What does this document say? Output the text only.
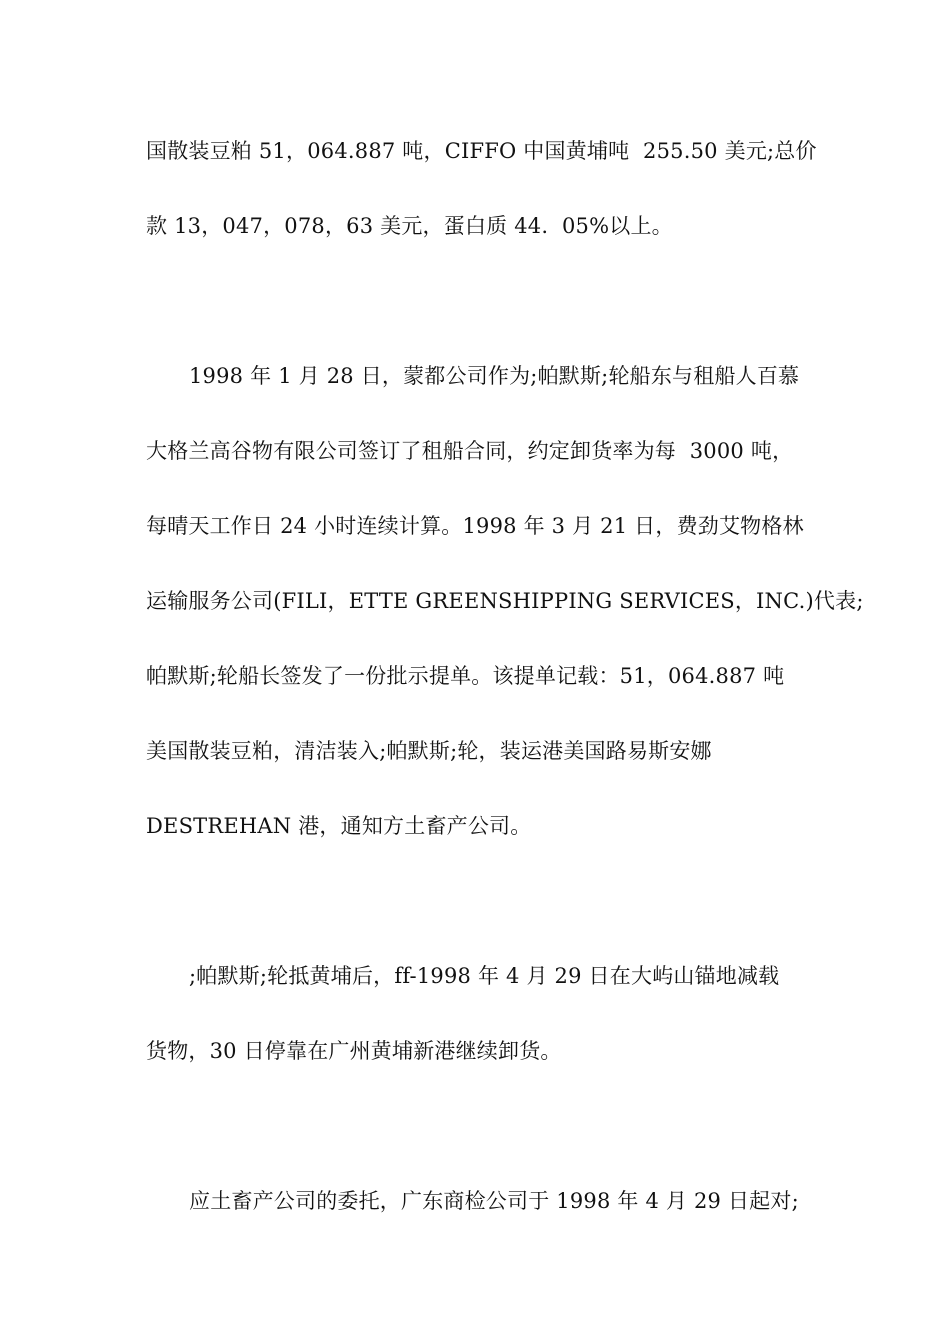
国散装豆粕 51，064.887 吨，CIFFO 中国黄埔吨  255.50 美元;总价
款 13，047，078，63 美元，蛋白质 44.  05%以上。
1998 年 1 月 28 日，蒙都公司作为;帕默斯;轮船东与租船人百慕
大格兰高谷物有限公司签订了租船合同，约定卸货率为每  3000 吨，
每晴天工作日 24 小时连续计算。1998 年 3 月 21 日，费劲艾物格林
运输服务公司(FILI，ETTE GREENSHIPPING SERVICES，INC.)代表;
帕默斯;轮船长签发了一份批示提单。该提单记载：51，064.887 吨
美国散装豆粕，清洁装入;帕默斯;轮，装运港美国路易斯安娜
DESTREHAN 港，通知方土畜产公司。
;帕默斯;轮抵黄埔后，ff-1998 年 4 月 29 日在大屿山锚地减载
货物，30 日停靠在广州黄埔新港继续卸货。
应土畜产公司的委托，广东商检公司于 1998 年 4 月 29 日起对;
